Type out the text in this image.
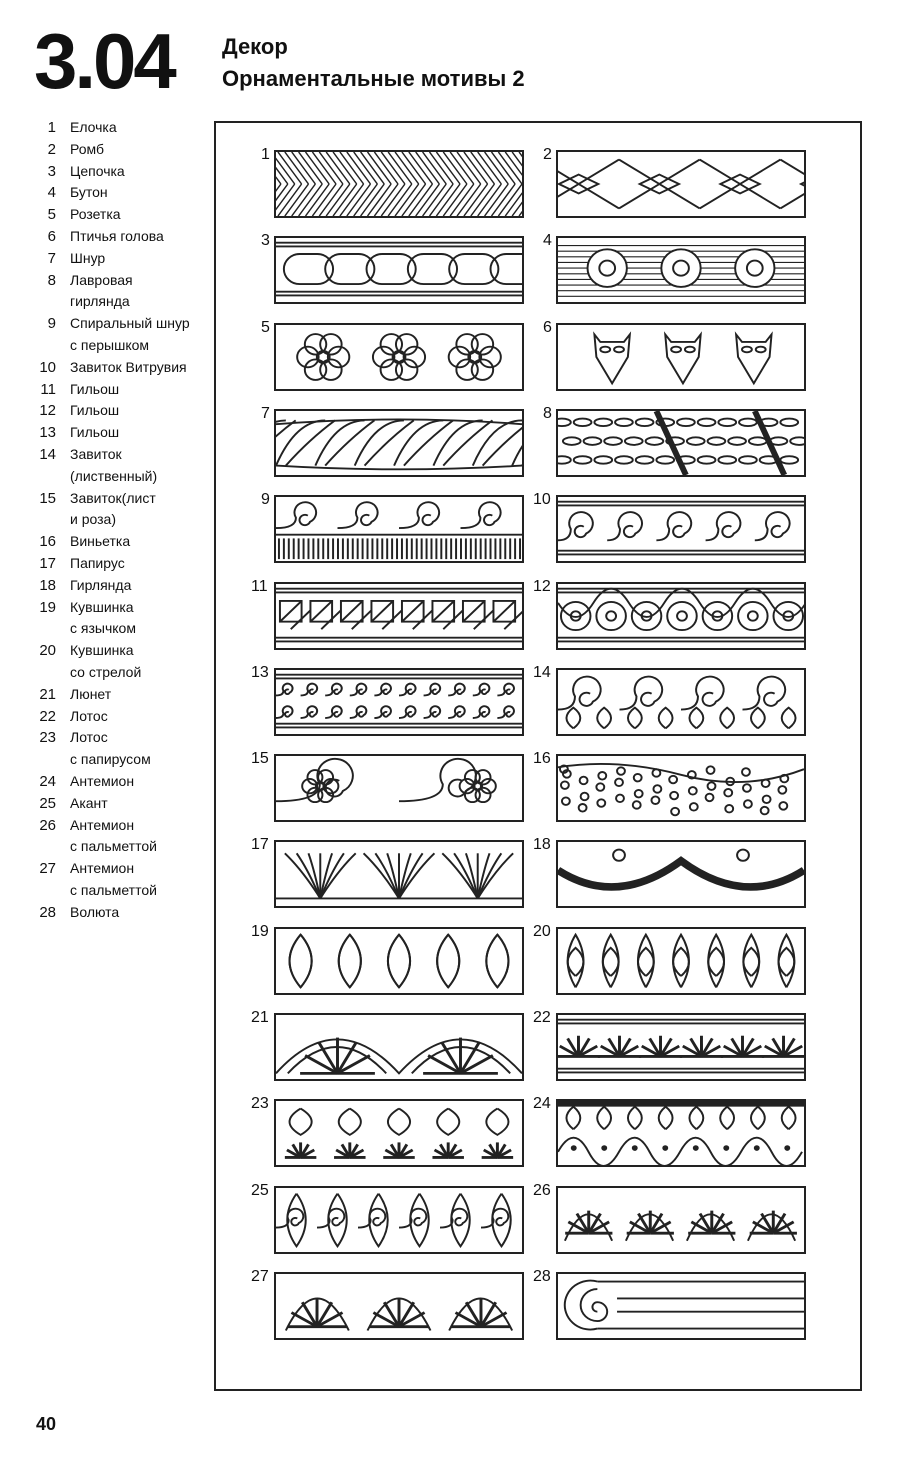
3.04 Декор
Орнаментальные мотивы 2
1	Елочка
2	Ромб
3	Цепочка
4	Бутон
5	Розетка
6	Птичья голова
7	Шнур
8	Лавровая
гирлянда
9	Спиральный шнур
с перышком
10	Завиток Витрувия
11	Гильош
12	Гильош
13	Гильош
14	Завиток
(лиственный)
15	Завиток(лист
и роза)
16	Виньетка
17	Папирус
18	Гирлянда
19	Кувшинка
с язычком
20	Кувшинка
со стрелой
21	Люнет
22	Лотос
23	Лотос
с папирусом
24	Антемион
25	Акант
26	Антемион
с пальметтой
27	Антемион
с пальметтой
28	Волюта
1	2
3	4
5	6
7	8
9	10
11	12
13	14
15	16
17	18
19	20
21	22
23	24
25	26
27	28
40
